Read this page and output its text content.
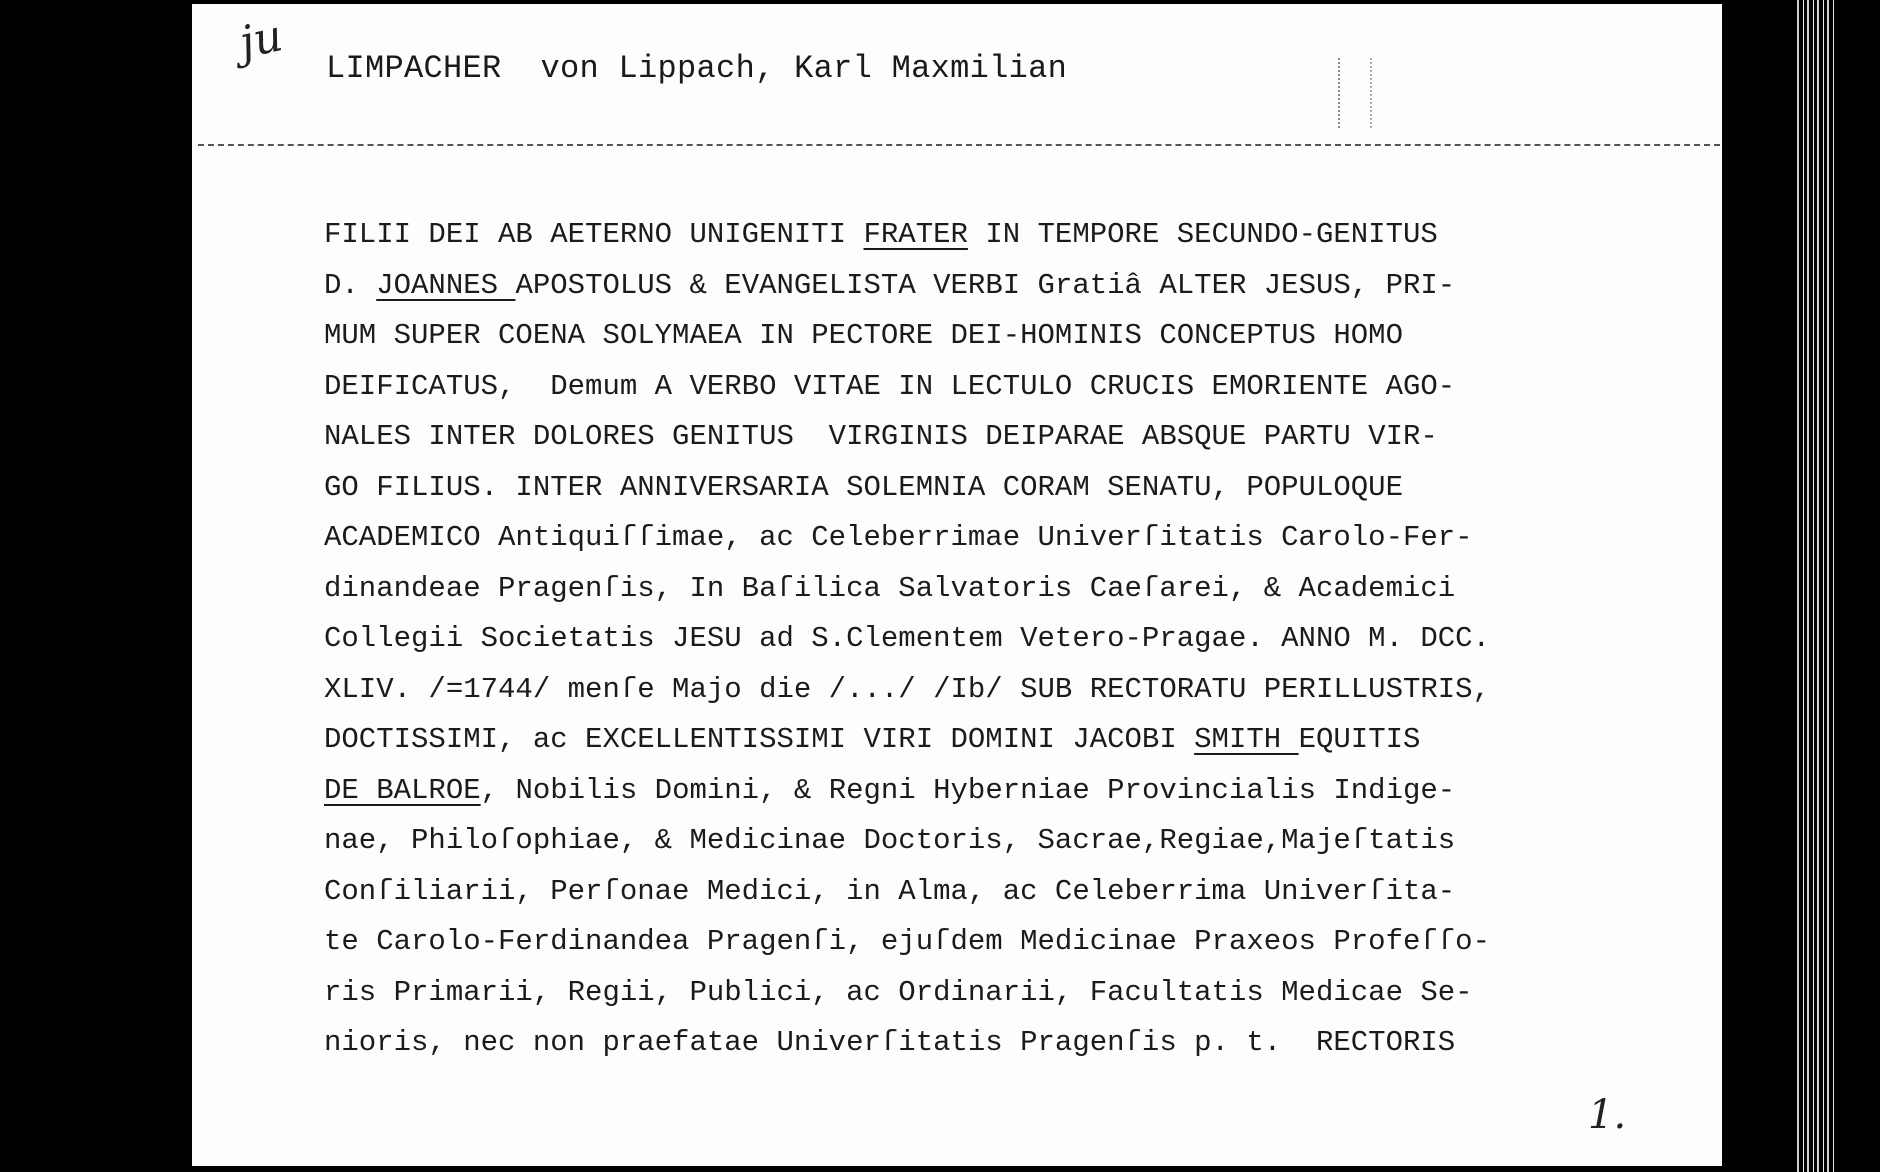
ju LIMPACHER  von Lippach, Karl Maxmilian
FILII DEI AB AETERNO UNIGENITI FRATER IN TEMPORE SECUNDO-GENITUS
D. JOANNES APOSTOLUS & EVANGELISTA VERBI Gratiâ ALTER JESUS, PRI-
MUM SUPER COENA SOLYMAEA IN PECTORE DEI-HOMINIS CONCEPTUS HOMO
DEIFICATUS,  Demum A VERBO VITAE IN LECTULO CRUCIS EMORIENTE AGO-
NALES INTER DOLORES GENITUS  VIRGINIS DEIPARAE ABSQUE PARTU VIR-
GO FILIUS. INTER ANNIVERSARIA SOLEMNIA CORAM SENATU, POPULOQUE
ACADEMICO Antiquiſſimae, ac Celeberrimae Univerſitatis Carolo-Fer-
dinandeae Pragenſis, In Baſilica Salvatoris Caeſarei, & Academici
Collegii Societatis JESU ad S.Clementem Vetero-Pragae. ANNO M. DCC.
XLIV. /=1744/ menſe Majo die /.../ /Ib/ SUB RECTORATU PERILLUSTRIS,
DOCTISSIMI, ac EXCELLENTISSIMI VIRI DOMINI JACOBI SMITH EQUITIS
DE BALROE, Nobilis Domini, & Regni Hyberniae Provincialis Indige-
nae, Philoſophiae, & Medicinae Doctoris, Sacrae,Regiae,Majeſtatis
Conſiliarii, Perſonae Medici, in Alma, ac Celeberrima Univerſita-
te Carolo-Ferdinandea Pragenſi, ejuſdem Medicinae Praxeos Profeſſo-
ris Primarii, Regii, Publici, ac Ordinarii, Facultatis Medicae Se-
nioris, nec non praefatae Univerſitatis Pragenſis p. t.  RECTORIS
1.
